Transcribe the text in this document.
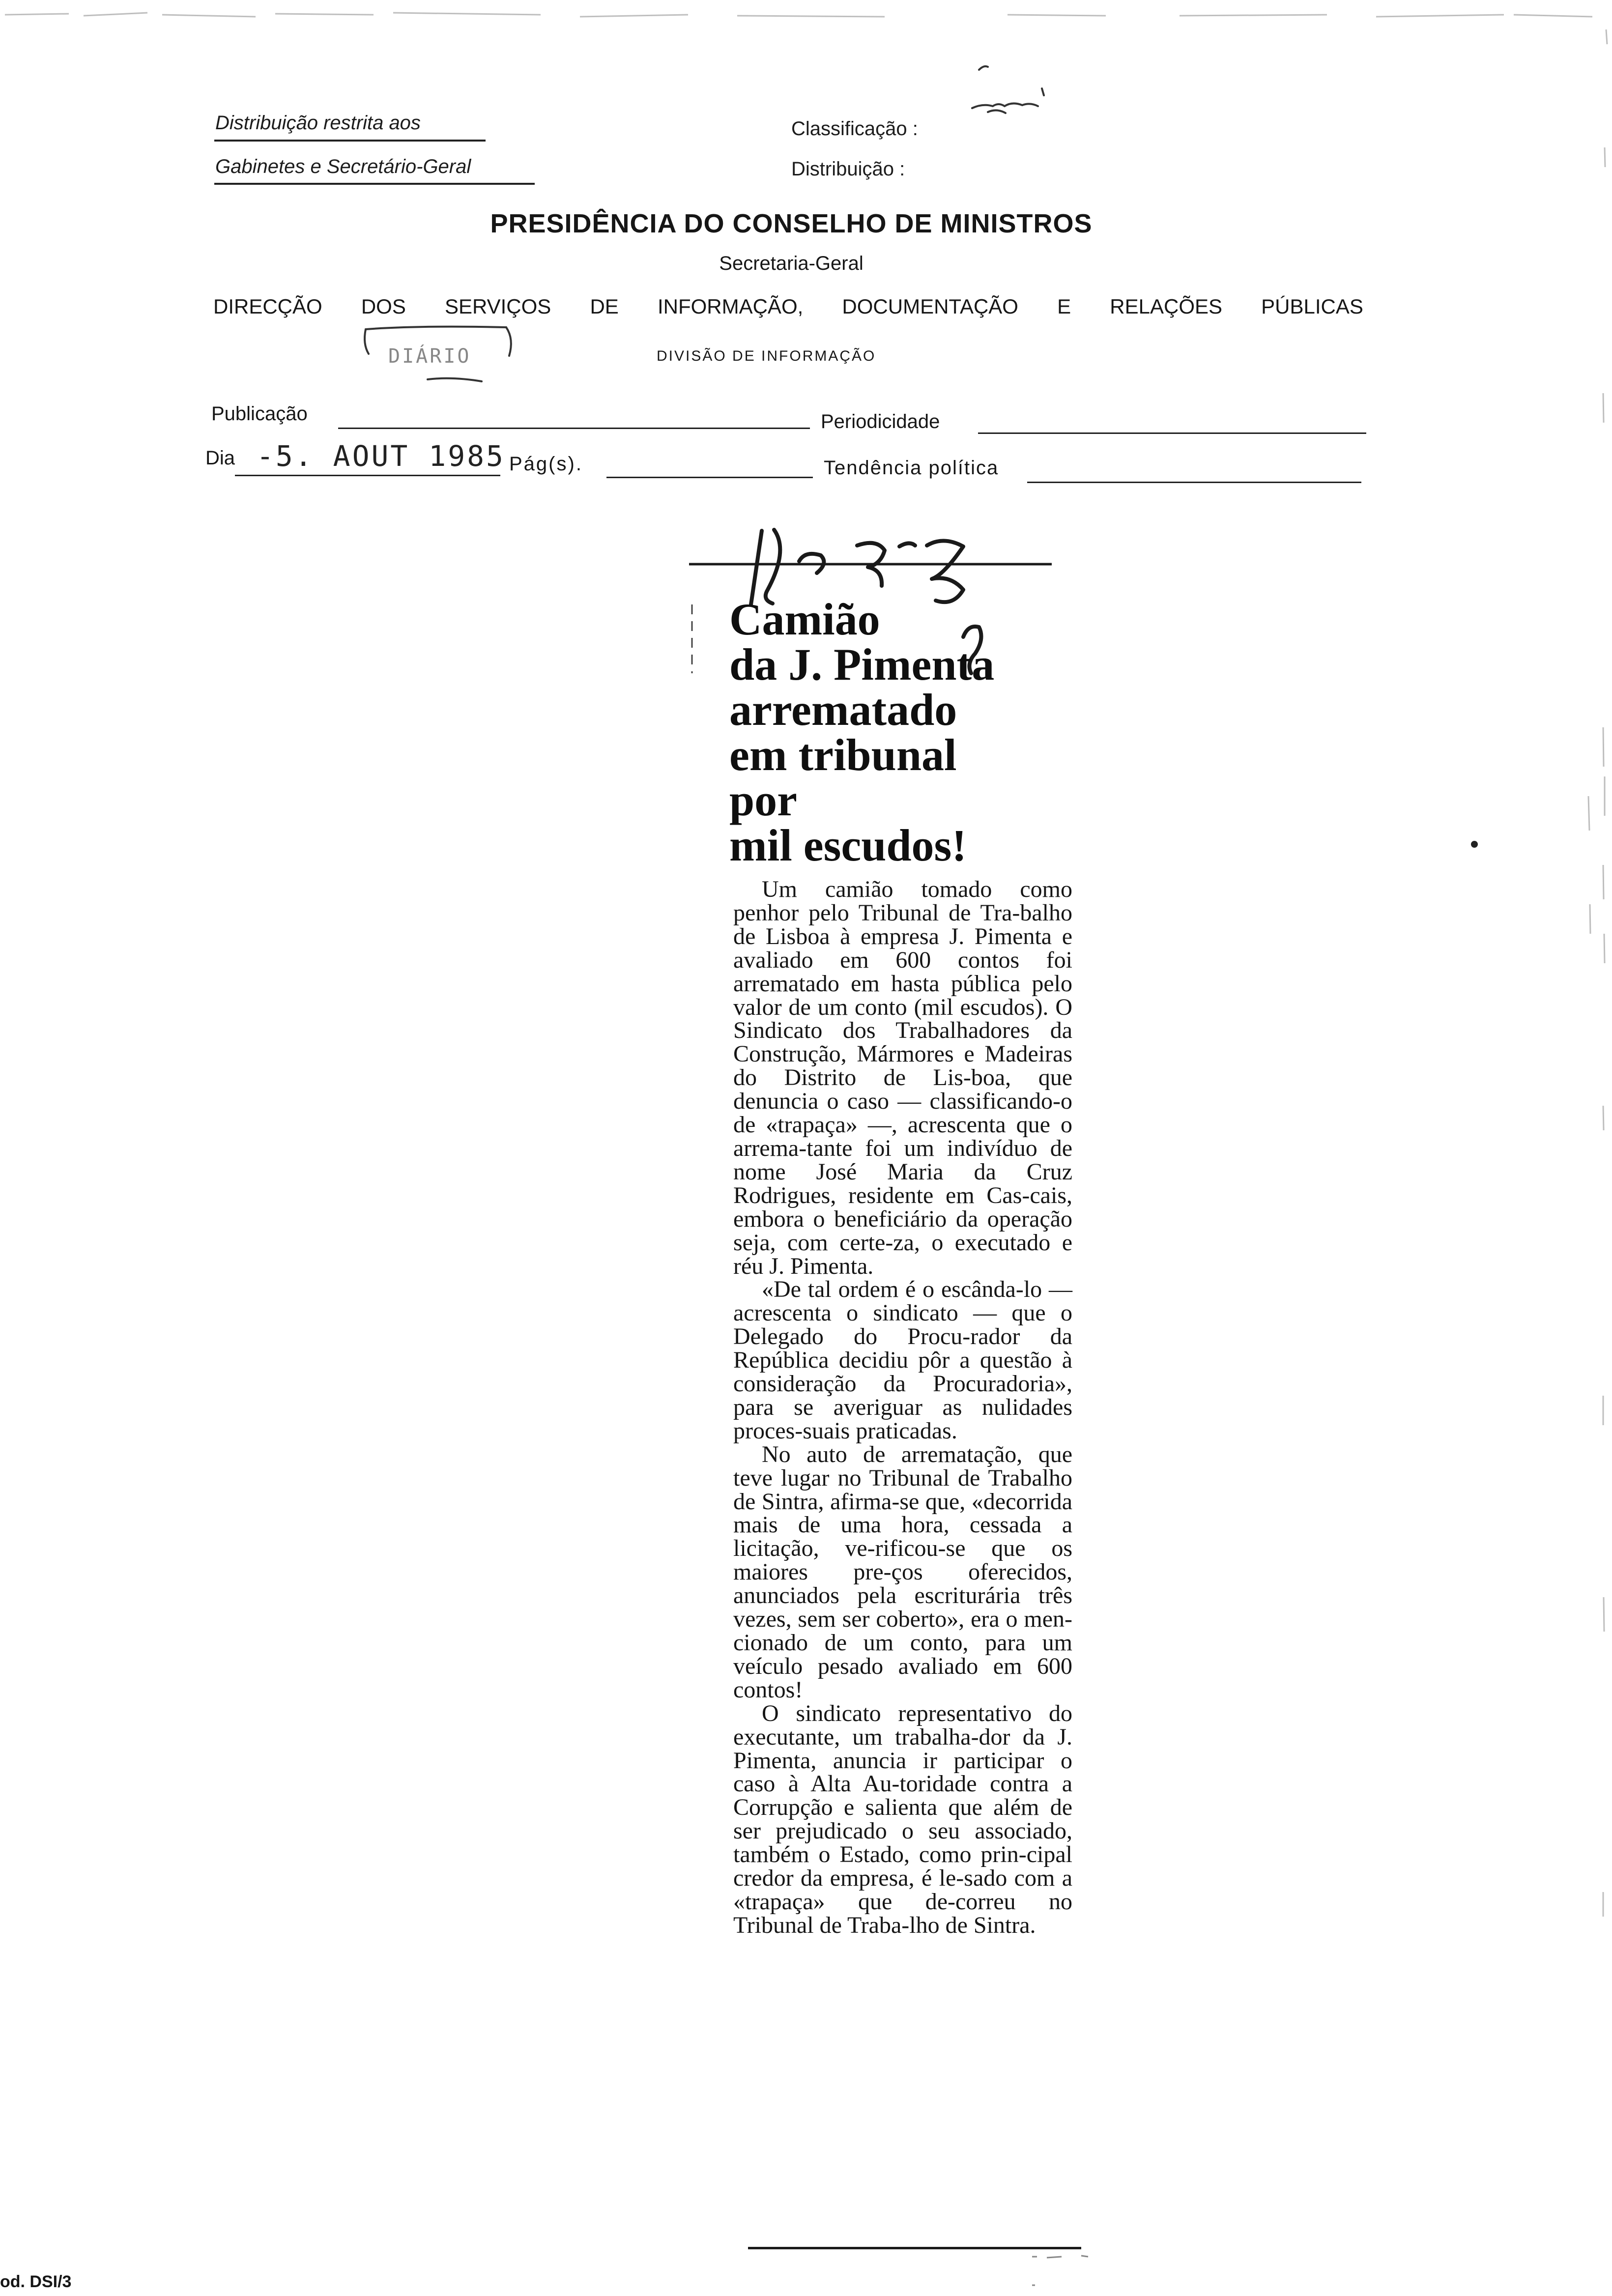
Distribuição restrita aos
Gabinetes e Secretário-Geral
Classificação :
Distribuição :
PRESIDÊNCIA DO CONSELHO DE MINISTROS
Secretaria-Geral
DIRECÇÃO DOS SERVIÇOS DE INFORMAÇÃO, DOCUMENTAÇÃO E RELAÇÕES PÚBLICAS
DIÁRIO	DIVISÃO DE INFORMAÇÃO
Publicação	Periodicidade
Dia -5. AOUT 1985 Pág(s).	Tendência política
Camião
da J. Pimenta
arrematado
em tribunal
por
mil escudos!

Um camião tomado como penhor pelo Tribunal de Tra-balho de Lisboa à empresa J. Pimenta e avaliado em 600 contos foi arrematado em hasta pública pelo valor de um conto (mil escudos). O Sindicato dos Trabalhadores da Construção, Mármores e Madeiras do Distrito de Lis-boa, que denuncia o caso — classificando-o de «trapaça» —, acrescenta que o arrema-tante foi um indivíduo de nome José Maria da Cruz Rodrigues, residente em Cas-cais, embora o beneficiário da operação seja, com certe-za, o executado e réu J. Pimenta.

«De tal ordem é o escânda-lo — acrescenta o sindicato — que o Delegado do Procu-rador da República decidiu pôr a questão à consideração da Procuradoria», para se averiguar as nulidades proces-suais praticadas.

No auto de arrematação, que teve lugar no Tribunal de Trabalho de Sintra, afirma-se que, «decorrida mais de uma hora, cessada a licitação, ve-rificou-se que os maiores pre-ços oferecidos, anunciados pela escriturária três vezes, sem ser coberto», era o men-cionado de um conto, para um veículo pesado avaliado em 600 contos!

O sindicato representativo do executante, um trabalha-dor da J. Pimenta, anuncia ir participar o caso à Alta Au-toridade contra a Corrupção e salienta que além de ser prejudicado o seu associado, também o Estado, como prin-cipal credor da empresa, é le-sado com a «trapaça» que de-correu no Tribunal de Traba-lho de Sintra.

od. DSI/3
